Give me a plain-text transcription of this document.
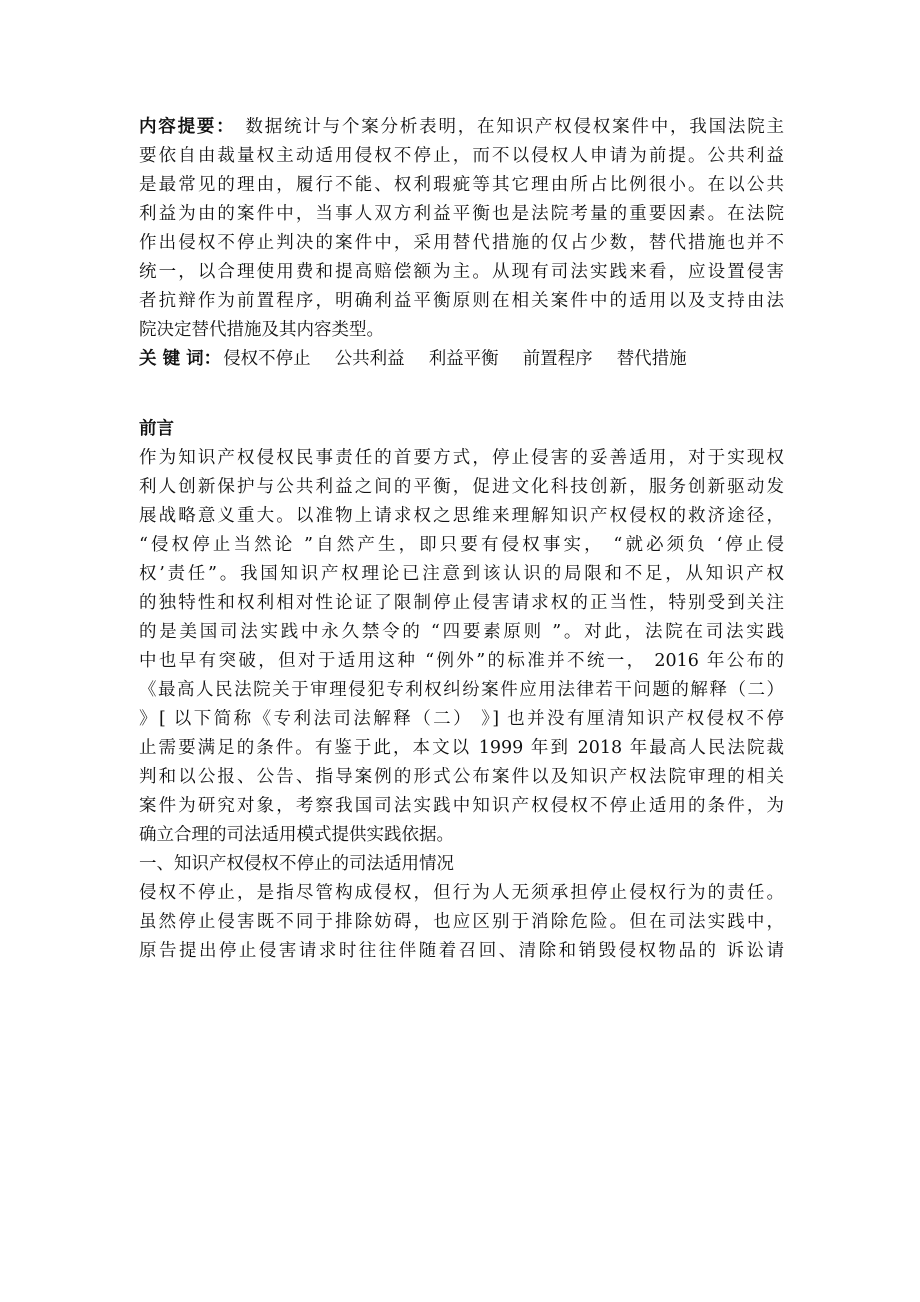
内容提要： 数据统计与个案分析表明，在知识产权侵权案件中，我国法院主
要依自由裁量权主动适用侵权不停止，而不以侵权人申请为前提。公共利益
是最常见的理由，履行不能、权利瑕疵等其它理由所占比例很小。在以公共
利益为由的案件中，当事人双方利益平衡也是法院考量的重要因素。在法院
作出侵权不停止判决的案件中，采用替代措施的仅占少数，替代措施也并不
统一，以合理使用费和提高赔偿额为主。从现有司法实践来看，应设置侵害
者抗辩作为前置程序，明确利益平衡原则在相关案件中的适用以及支持由法
院决定替代措施及其内容类型。
关 键 词： 侵权不停止 公共利益 利益平衡 前置程序 替代措施
前言
作为知识产权侵权民事责任的首要方式，停止侵害的妥善适用，对于实现权
利人创新保护与公共利益之间的平衡，促进文化科技创新，服务创新驱动发
展战略意义重大。以准物上请求权之思维来理解知识产权侵权的救济途径，
“侵权停止当然论 ”自然产生，即只要有侵权事实， “就必须负 ‘停止侵
权’责任”。我国知识产权理论已注意到该认识的局限和不足，从知识产权
的独特性和权利相对性论证了限制停止侵害请求权的正当性，特别受到关注
的是美国司法实践中永久禁令的 “四要素原则 ”。对此，法院在司法实践
中也早有突破，但对于适用这种 “例外”的标准并不统一， 2016 年公布的
《最高人民法院关于审理侵犯专利权纠纷案件应用法律若干问题的解释（二）
》[ 以下简称《专利法司法解释（二） 》] 也并没有厘清知识产权侵权不停
止需要满足的条件。有鉴于此，本文以 1999 年到 2018 年最高人民法院裁
判和以公报、公告、指导案例的形式公布案件以及知识产权法院审理的相关
案件为研究对象，考察我国司法实践中知识产权侵权不停止适用的条件，为
确立合理的司法适用模式提供实践依据。
一、知识产权侵权不停止的司法适用情况
侵权不停止，是指尽管构成侵权，但行为人无须承担停止侵权行为的责任。
虽然停止侵害既不同于排除妨碍，也应区别于消除危险。但在司法实践中，
原告提出停止侵害请求时往往伴随着召回、清除和销毁侵权物品的 诉讼请
